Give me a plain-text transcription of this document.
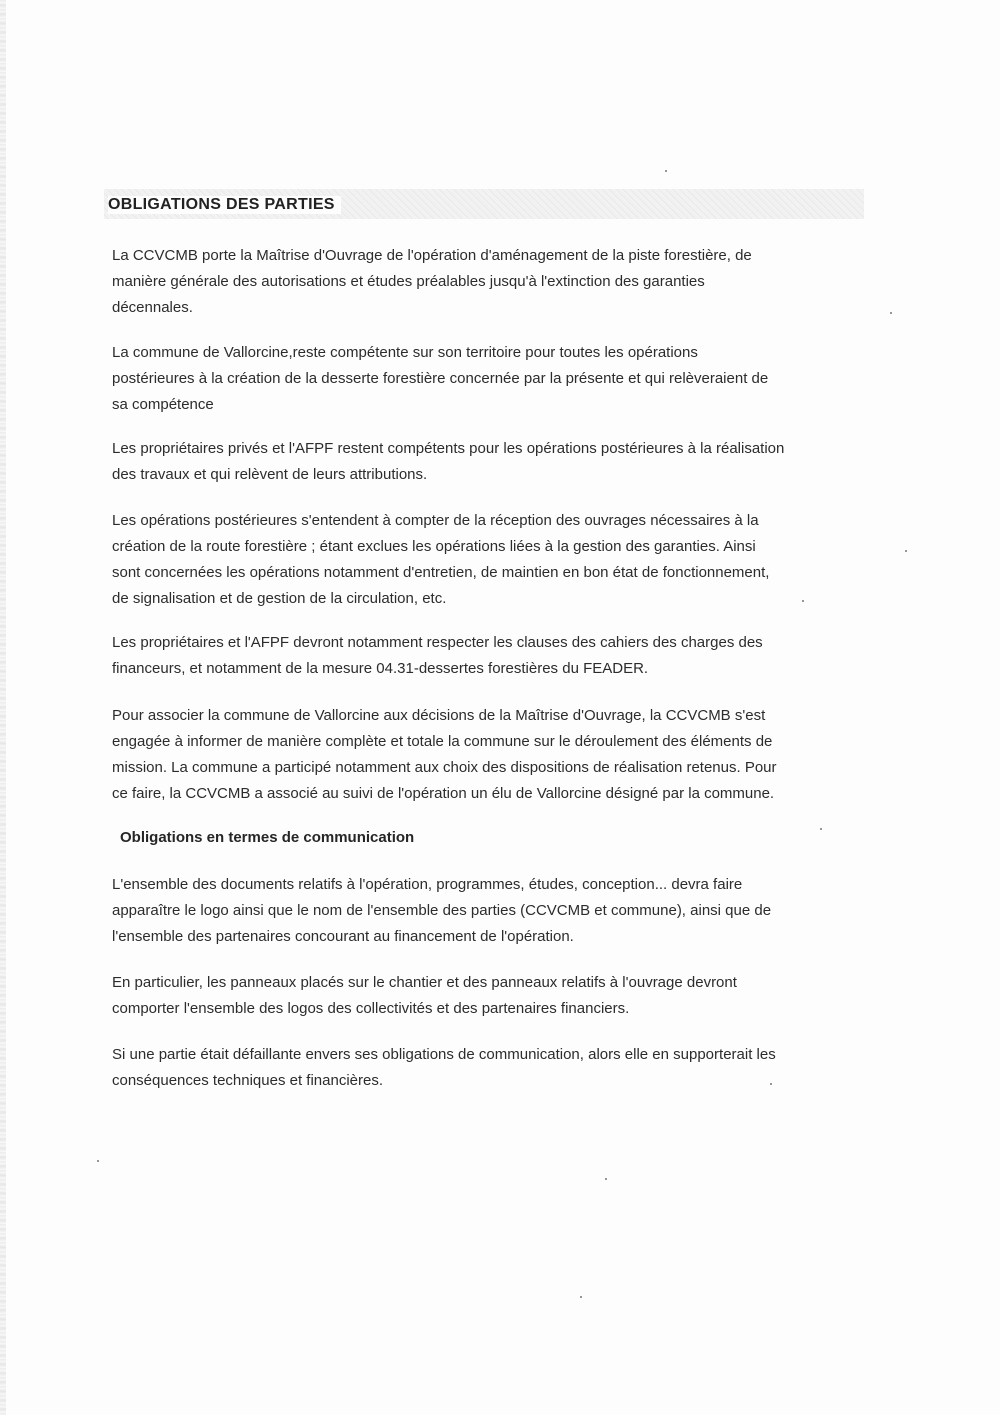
OBLIGATIONS DES PARTIES
La CCVCMB porte la Maîtrise d'Ouvrage de l'opération d'aménagement de la piste forestière, de
manière générale des autorisations et études préalables jusqu'à l'extinction des garanties
décennales.
La commune de Vallorcine,reste compétente sur son territoire pour toutes les opérations
postérieures à la création de la desserte forestière concernée par la présente et qui relèveraient de
sa compétence
Les propriétaires privés et l'AFPF restent compétents pour les opérations postérieures à la réalisation
des travaux et qui relèvent de leurs attributions.
Les opérations postérieures s'entendent à compter de la réception des ouvrages nécessaires à la
création de la route forestière ; étant exclues les opérations liées à la gestion des garanties. Ainsi
sont concernées les opérations notamment d'entretien, de maintien en bon état de fonctionnement,
de signalisation et de gestion de la circulation, etc.
Les propriétaires et l'AFPF devront notamment respecter les clauses des cahiers des charges des
financeurs, et notamment de la mesure 04.31-dessertes forestières du FEADER.
Pour associer la commune de Vallorcine aux décisions de la Maîtrise d'Ouvrage, la CCVCMB s'est
engagée à informer de manière complète et totale la commune sur le déroulement des éléments de
mission. La commune a participé notamment aux choix des dispositions de réalisation retenus. Pour
ce faire, la CCVCMB a associé au suivi de l'opération un élu de Vallorcine désigné par la commune.
Obligations en termes de communication
L'ensemble des documents relatifs à l'opération, programmes, études, conception... devra faire
apparaître le logo ainsi que le nom de l'ensemble des parties (CCVCMB et commune), ainsi que de
l'ensemble des partenaires concourant au financement de l'opération.
En particulier, les panneaux placés sur le chantier et des panneaux relatifs à l'ouvrage devront
comporter l'ensemble des logos des collectivités et des partenaires financiers.
Si une partie était défaillante envers ses obligations de communication, alors elle en supporterait les
conséquences techniques et financières.
